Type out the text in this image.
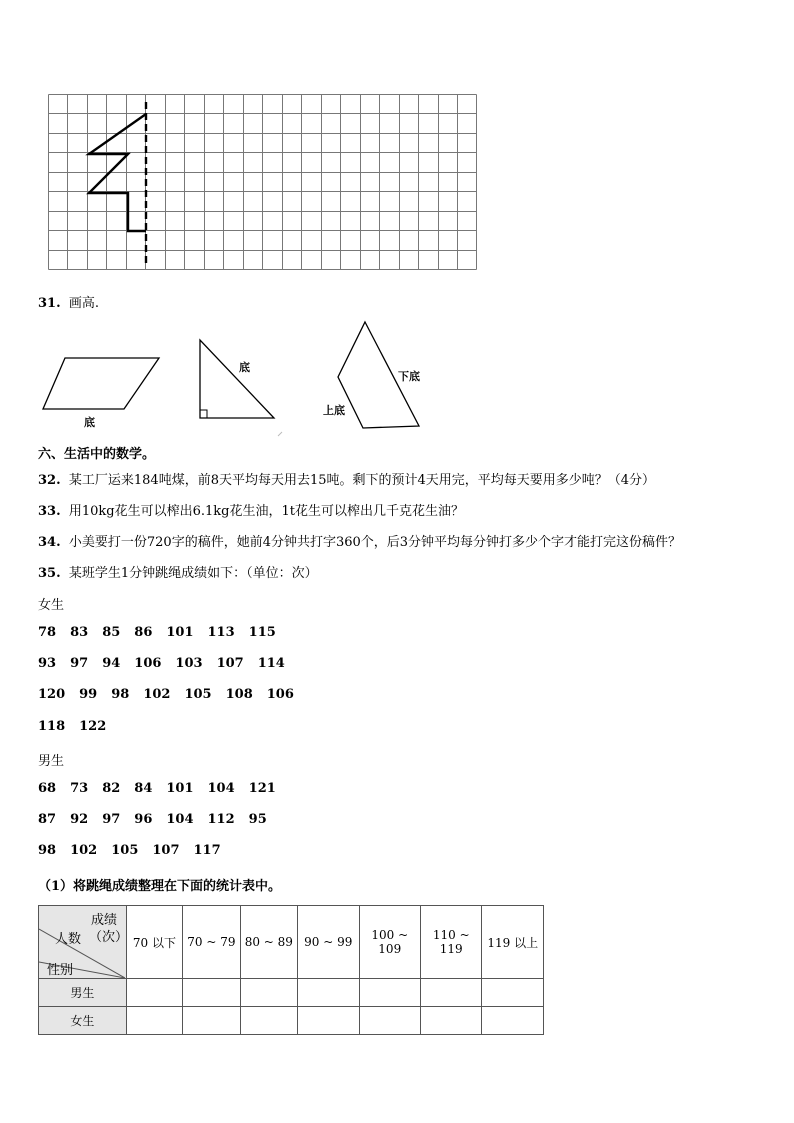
31. 画高.
底
底
下底
上底
六、生活中的数学。
32. 某工厂运来184吨煤，前8天平均每天用去15吨。剩下的预计4天用完，平均每天要用多少吨？（4分）
33. 用10kg花生可以榨出6.1kg花生油，1t花生可以榨出几千克花生油？
34. 小美要打一份720字的稿件，她前4分钟共打字360个，后3分钟平均每分钟打多少个字才能打完这份稿件？
35. 某班学生1分钟跳绳成绩如下：（单位：次）
女生
78 83 85 86 101 113 115
93 97 94 106 103 107 114
120 99 98 102 105 108 106
118 122
男生
68 73 82 84 101 104 121
87 92 97 96 104 112 95
98 102 105 107 117
（1）将跳绳成绩整理在下面的统计表中。
成绩
（次）
人数
性别	70 以下	70 ~ 79	80 ~ 89	90 ~ 99	100 ~ 109	110 ~ 119	119 以上
男生							
女生							
